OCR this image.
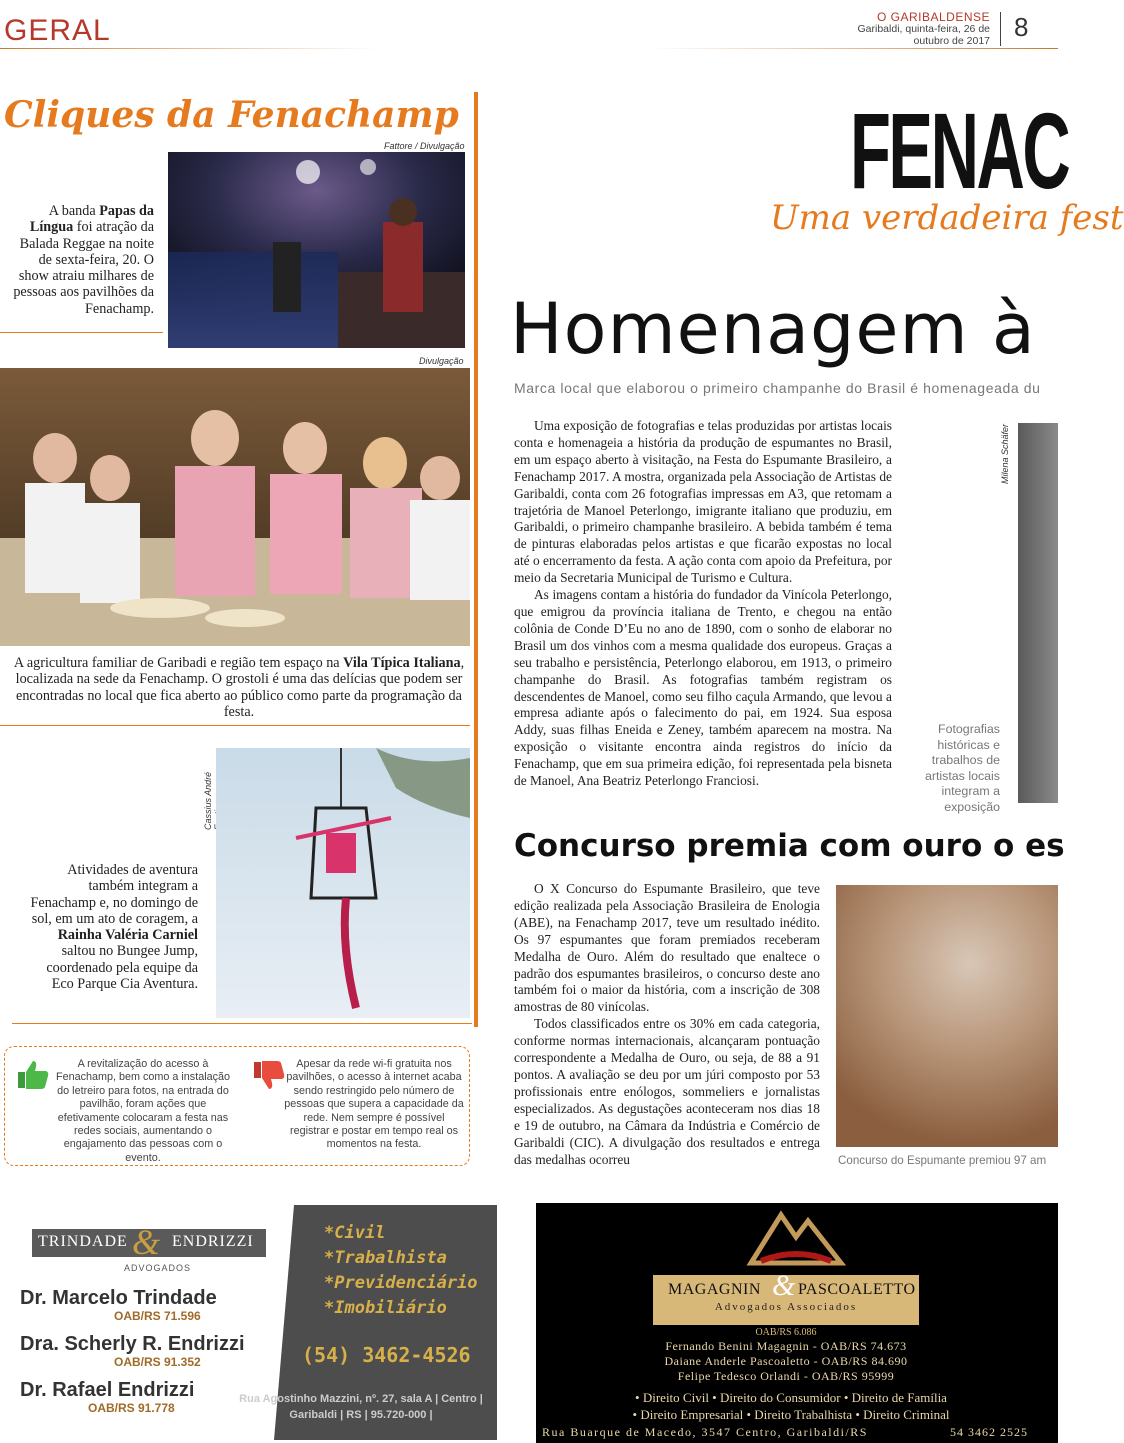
GERAL	O GARIBALDENSE
Garibaldi, quinta-feira, 26 de outubro de 2017 8
Cliques da Fenachamp
Fattore / Divulgação
A banda Papas da Língua foi atração da Balada Reggae na noite de sexta-feira, 20. O show atraiu milhares de pessoas aos pavilhões da Fenachamp.
Divulgação
A agricultura familiar de Garibadi e região tem espaço na Vila Típica Italiana, localizada na sede da Fenachamp. O grostoli é uma das delícias que podem ser encontradas no local que fica aberto ao público como parte da programação da festa.
Cassius André
Atividades de aventura também integram a Fenachamp e, no domingo de sol, em um ato de coragem, a Rainha Valéria Carniel saltou no Bungee Jump, coordenado pela equipe da Eco Parque Cia Aventura.
A revitalização do acesso à Fenachamp, bem como a instalação do letreiro para fotos, na entrada do pavilhão, foram ações que efetivamente colocaram a festa nas redes sociais, aumentando o engajamento das pessoas com o evento.
Apesar da rede wi-fi gratuita nos pavilhões, o acesso à internet acaba sendo restringido pelo número de pessoas que supera a capacidade da rede. Nem sempre é possível registrar e postar em tempo real os momentos na festa.
FENAC
Uma verdadeira fest
Homenagem à
Marca local que elaborou o primeiro champanhe do Brasil é homenageada du

Uma exposição de fotografias e telas produzidas por artistas locais conta e homenageia a história da produção de espumantes no Brasil, em um espaço aberto à visitação, na Festa do Espumante Brasileiro, a Fenachamp 2017. A mostra, organizada pela Associação de Artistas de Garibaldi, conta com 26 fotografias impressas em A3, que retomam a trajetória de Manoel Peterlongo, imigrante italiano que produziu, em Garibaldi, o primeiro champanhe brasileiro. A bebida também é tema de pinturas elaboradas pelos artistas e que ficarão expostas no local até o encerramento da festa. A ação conta com apoio da Prefeitura, por meio da Secretaria Municipal de Turismo e Cultura.

As imagens contam a história do fundador da Vinícola Peterlongo, que emigrou da província italiana de Trento, e chegou na então colônia de Conde D’Eu no ano de 1890, com o sonho de elaborar no Brasil um dos vinhos com a mesma qualidade dos europeus. Graças a seu trabalho e persistência, Peterlongo elaborou, em 1913, o primeiro champanhe do Brasil. As fotografias também registram os descendentes de Manoel, como seu filho caçula Armando, que levou a empresa adiante após o falecimento do pai, em 1924. Sua esposa Addy, suas filhas Eneida e Zeney, também aparecem na mostra. Na exposição o visitante encontra ainda registros do início da Fenachamp, que em sua primeira edição, foi representada pela bisneta de Manoel, Ana Beatriz Peterlongo Franciosi.

Milena Schäfer
Fotografias históricas e trabalhos de artistas locais integram a exposição
Concurso premia com ouro o es

O X Concurso do Espumante Brasileiro, que teve edição realizada pela Associação Brasileira de Enologia (ABE), na Fenachamp 2017, teve um resultado inédito. Os 97 espumantes que foram premiados receberam Medalha de Ouro. Além do resultado que enaltece o padrão dos espumantes brasileiros, o concurso deste ano também foi o maior da história, com a inscrição de 308 amostras de 80 vinícolas.

Todos classificados entre os 30% em cada categoria, conforme normas internacionais, alcançaram pontuação correspondente a Medalha de Ouro, ou seja, de 88 a 91 pontos. A avaliação se deu por um júri composto por 53 profissionais entre enólogos, sommeliers e jornalistas especializados. As degustações aconteceram nos dias 18 e 19 de outubro, na Câmara da Indústria e Comércio de Garibaldi (CIC). A divulgação dos resultados e entrega das medalhas ocorreu	Concurso do Espumante premiou 97 am
TRINDADE & ENDRIZZI
ADVOGADOS
Dr. Marcelo Trindade
OAB/RS 71.596
Dra. Scherly R. Endrizzi
OAB/RS 91.352
Dr. Rafael Endrizzi
OAB/RS 91.778
*Civil
*Trabalhista
*Previdenciário
*Imobiliário
(54) 3462-4526
Rua Agostinho Mazzini, nº. 27, sala A | Centro | Garibaldi | RS | 95.720-000 |
MAGAGNIN & PASCOALETTO
Advogados Associados
OAB/RS 6.086
Fernando Benini Magagnin - OAB/RS 74.673
Daiane Anderle Pascoaletto - OAB/RS 84.690
Felipe Tedesco Orlandi - OAB/RS 95999
• Direito Civil • Direito do Consumidor • Direito de Família
• Direito Empresarial • Direito Trabalhista • Direito Criminal
Rua Buarque de Macedo, 3547 Centro, Garibaldi/RS	54 3462 2525
